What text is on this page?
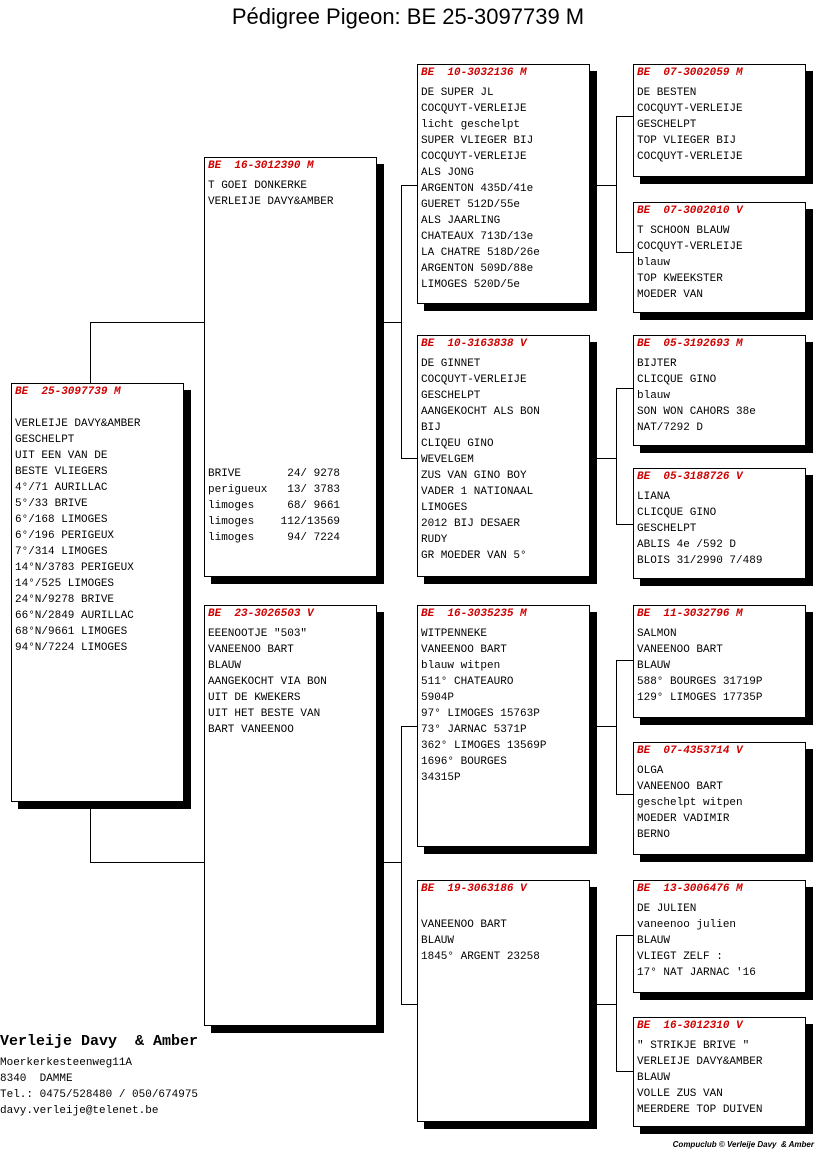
Pédigree Pigeon: BE 25-3097739 M
BE  25-3097739 M
VERLEIJE DAVY&AMBER
GESCHELPT
UIT EEN VAN DE
BESTE VLIEGERS
4°/71 AURILLAC
5°/33 BRIVE
6°/168 LIMOGES
6°/196 PERIGEUX
7°/314 LIMOGES
14°N/3783 PERIGEUX
14°/525 LIMOGES
24°N/9278 BRIVE
66°N/2849 AURILLAC
68°N/9661 LIMOGES
94°N/7224 LIMOGES
BE  16-3012390 M
T GOEI DONKERKE
VERLEIJE DAVY&AMBER
BRIVE       24/ 9278
perigueux   13/ 3783
limoges     68/ 9661
limoges    112/13569
limoges     94/ 7224
BE  23-3026503 V
EEENOOTJE "503"
VANEENOO BART
BLAUW
AANGEKOCHT VIA BON
UIT DE KWEKERS
UIT HET BESTE VAN
BART VANEENOO
BE  10-3032136 M
DE SUPER JL
COCQUYT-VERLEIJE
licht geschelpt
SUPER VLIEGER BIJ
COCQUYT-VERLEIJE
ALS JONG
ARGENTON 435D/41e
GUERET 512D/55e
ALS JAARLING
CHATEAUX 713D/13e
LA CHATRE 518D/26e
ARGENTON 509D/88e
LIMOGES 520D/5e
BE  10-3163838 V
DE GINNET
COCQUYT-VERLEIJE
GESCHELPT
AANGEKOCHT ALS BON
BIJ
CLIQEU GINO
WEVELGEM
ZUS VAN GINO BOY
VADER 1 NATIONAAL
LIMOGES
2012 BIJ DESAER
RUDY
GR MOEDER VAN 5°
BE  16-3035235 M
WITPENNEKE
VANEENOO BART
blauw witpen
511° CHATEAURO
5904P
97° LIMOGES 15763P
73° JARNAC 5371P
362° LIMOGES 13569P
1696° BOURGES
34315P
BE  19-3063186 V
VANEENOO BART
BLAUW
1845° ARGENT 23258
BE  07-3002059 M
DE BESTEN
COCQUYT-VERLEIJE
GESCHELPT
TOP VLIEGER BIJ
COCQUYT-VERLEIJE
BE  07-3002010 V
T SCHOON BLAUW
COCQUYT-VERLEIJE
blauw
TOP KWEEKSTER
MOEDER VAN
BE  05-3192693 M
BIJTER
CLICQUE GINO
blauw
SON WON CAHORS 38e
NAT/7292 D
BE  05-3188726 V
LIANA
CLICQUE GINO
GESCHELPT
ABLIS 4e /592 D
BLOIS 31/2990 7/489
BE  11-3032796 M
SALMON
VANEENOO BART
BLAUW
588° BOURGES 31719P
129° LIMOGES 17735P
BE  07-4353714 V
OLGA
VANEENOO BART
geschelpt witpen
MOEDER VADIMIR
BERNO
BE  13-3006476 M
DE JULIEN
vaneenoo julien
BLAUW
VLIEGT ZELF :
17° NAT JARNAC '16
BE  16-3012310 V
" STRIKJE BRIVE "
VERLEIJE DAVY&AMBER
BLAUW
VOLLE ZUS VAN
MEERDERE TOP DUIVEN
Verleije Davy  & Amber
Moerkerkesteenweg11A
8340  DAMME
Tel.: 0475/528480 / 050/674975
davy.verleije@telenet.be
Compuclub © Verleije Davy  & Amber
